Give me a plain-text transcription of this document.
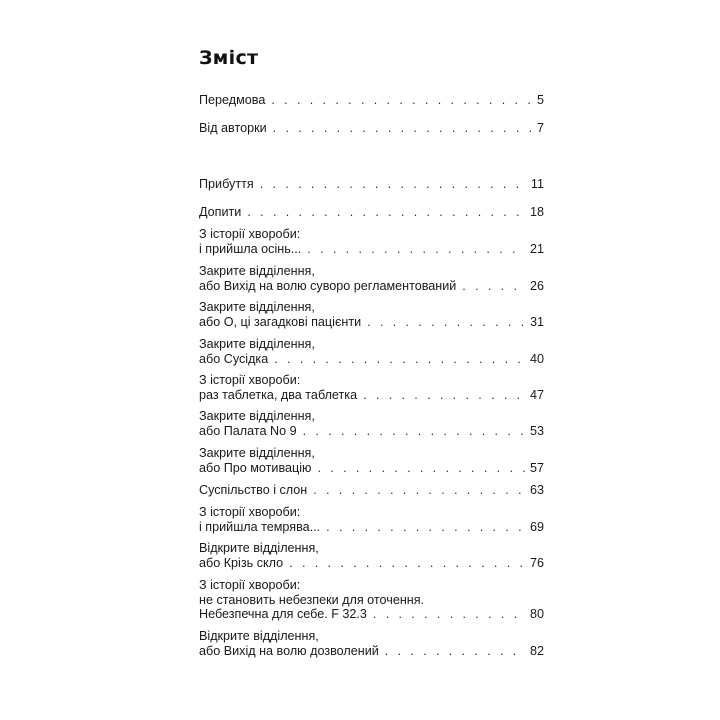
Зміст
Передмова . . .	5
Від авторки . . .	7
Прибуття . . .	11
Допити . . .	18
З історії хвороби:
і прийшла осінь... . . .	21
Закрите відділення,
або Вихід на волю суворо регламентований . . .	26
Закрите відділення,
або О, ці загадкові пацієнти . . .	31
Закрите відділення,
або Сусідка . . .	40
З історії хвороби:
раз таблетка, два таблетка . . .	47
Закрите відділення,
або Палата No 9 . . .	53
Закрите відділення,
або Про мотивацію . . .	57
Суспільство і слон . . .	63
З історії хвороби:
і прийшла темрява... . . .	69
Відкрите відділення,
або Крізь скло . . .	76
З історії хвороби:
не становить небезпеки для оточення.
Небезпечна для себе. F 32.3 . . .	80
Відкрите відділення,
або Вихід на волю дозволений . . .	82
